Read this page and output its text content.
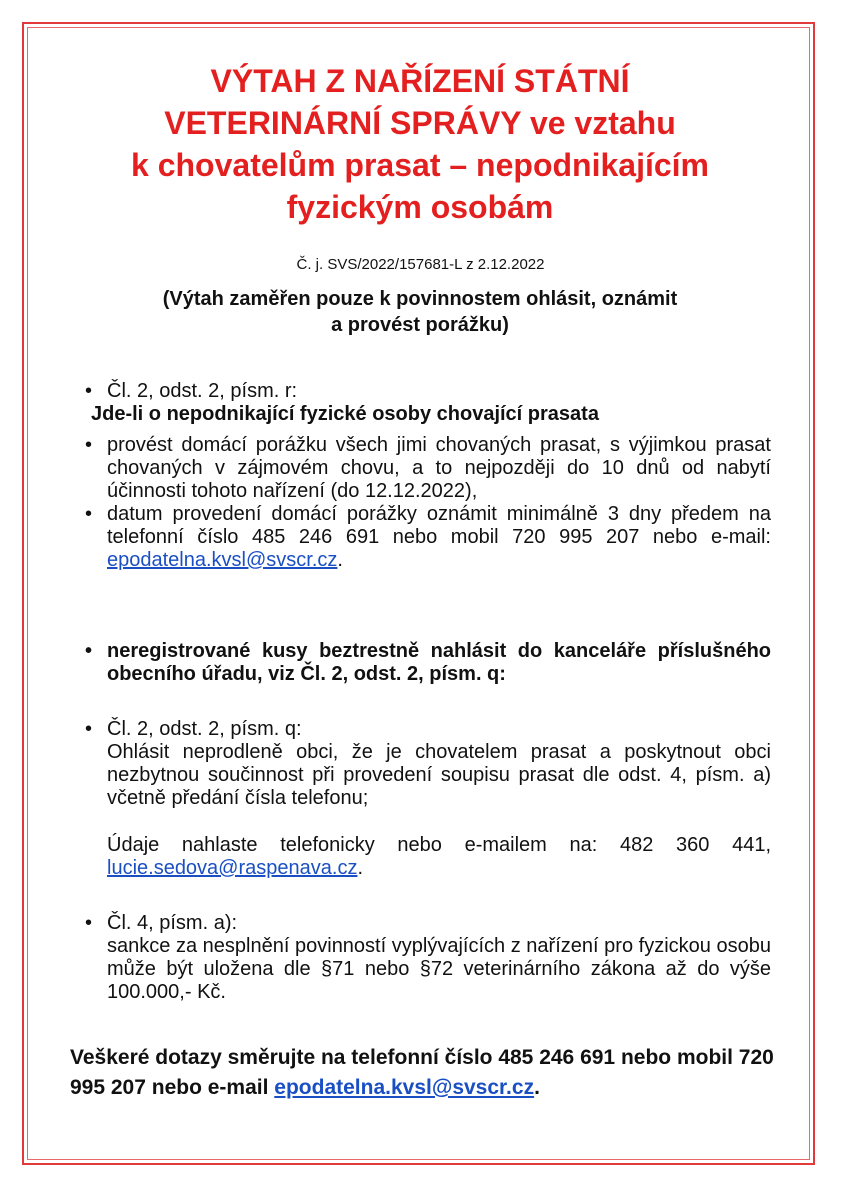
VÝTAH Z NAŘÍZENÍ STÁTNÍ
VETERINÁRNÍ SPRÁVY ve vztahu
k chovatelům prasat – nepodnikajícím
fyzickým osobám

Č. j. SVS/2022/157681-L z 2.12.2022

(Výtah zaměřen pouze k povinnostem ohlásit, oznámit
a provést porážku)

• Čl. 2, odst. 2, písm. r:
Jde-li o nepodnikající fyzické osoby chovající prasata
• provést domácí porážku všech jimi chovaných prasat, s výjimkou prasat chovaných v zájmovém chovu, a to nejpozději do 10 dnů od nabytí účinnosti tohoto nařízení (do 12.12.2022),
• datum provedení domácí porážky oznámit minimálně 3 dny předem na telefonní číslo 485 246 691 nebo mobil 720 995 207 nebo e-mail: epodatelna.kvsl@svscr.cz.
• neregistrované kusy beztrestně nahlásit do kanceláře příslušného obecního úřadu, viz Čl. 2, odst. 2, písm. q:
• Čl. 2, odst. 2, písm. q:
Ohlásit neprodleně obci, že je chovatelem prasat a poskytnout obci nezbytnou součinnost při provedení soupisu prasat dle odst. 4, písm. a) včetně předání čísla telefonu;
Údaje nahlaste telefonicky nebo e-mailem na: 482 360 441, lucie.sedova@raspenava.cz.
• Čl. 4, písm. a):
sankce za nesplnění povinností vyplývajících z nařízení pro fyzickou osobu může být uložena dle §71 nebo §72 veterinárního zákona až do výše 100.000,- Kč.

Veškeré dotazy směrujte na telefonní číslo 485 246 691 nebo mobil 720 995 207 nebo e-mail epodatelna.kvsl@svscr.cz.
